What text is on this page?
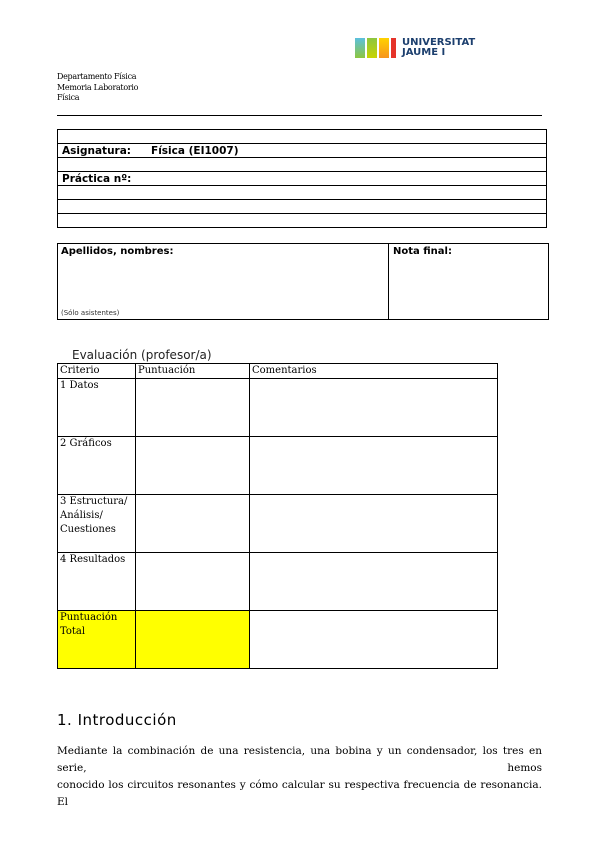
UNIVERSITAT
JAUME I
Departamento Física
Memoria Laboratorio
Física

Asignatura: Física (EI1007)

Práctica nº:

Apellidos, nombres:
(Sólo asistentes)
Nota final:
Evaluación (profesor/a)
Criterio	Puntuación	Comentarios
1 Datos		
2 Gráficos		
3 Estructura/ Análisis/ Cuestiones		
4 Resultados		
Puntuación Total		
1. Introducción
Mediante la combinación de una resistencia, una bobina y un condensador, los tres en serie, hemos
conocido los circuitos resonantes y cómo calcular su respectiva frecuencia de resonancia. El
